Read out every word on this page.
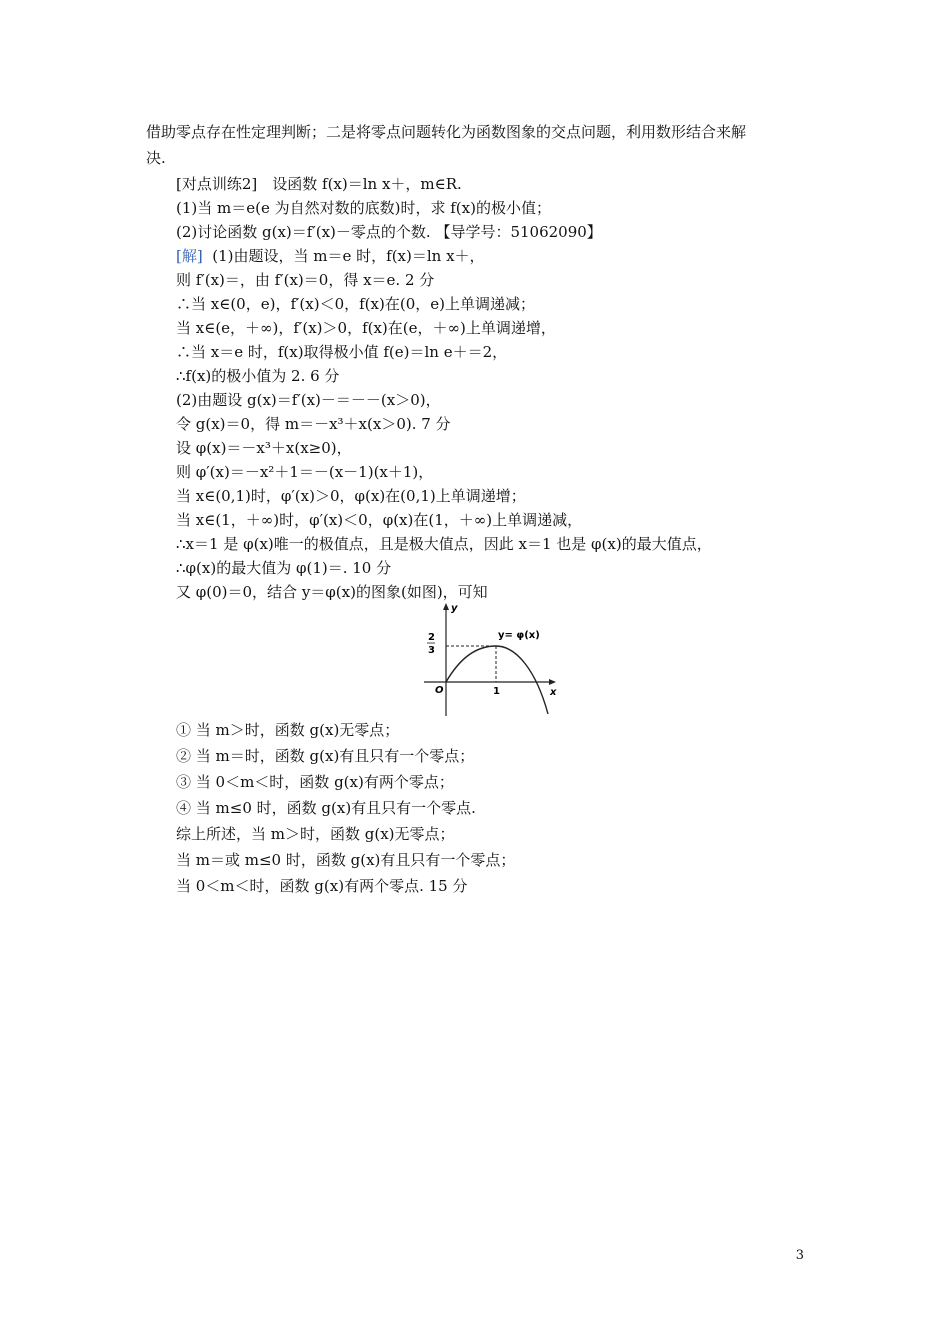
借助零点存在性定理判断；二是将零点问题转化为函数图象的交点问题，利用数形结合来解
决.
[对点训练2]　设函数 f(x)＝ln x＋，m∈R.
(1)当 m＝e(e 为自然对数的底数)时，求 f(x)的极小值；
(2)讨论函数 g(x)＝f′(x)－零点的个数. 【导学号：51062090】
[解] (1)由题设，当 m＝e 时，f(x)＝ln x＋，
则 f′(x)＝，由 f′(x)＝0，得 x＝e. 2 分
∴当 x∈(0，e)，f′(x)＜0，f(x)在(0，e)上单调递减；
当 x∈(e，＋∞)，f′(x)＞0，f(x)在(e，＋∞)上单调递增，
∴当 x＝e 时，f(x)取得极小值 f(e)＝ln e＋＝2，
∴f(x)的极小值为 2. 6 分
(2)由题设 g(x)＝f′(x)－＝－－(x＞0)，
令 g(x)＝0，得 m＝－x³＋x(x＞0). 7 分
设 φ(x)＝－x³＋x(x≥0)，
则 φ′(x)＝－x²＋1＝－(x－1)(x＋1)，
当 x∈(0,1)时，φ′(x)＞0，φ(x)在(0,1)上单调递增；
当 x∈(1，＋∞)时，φ′(x)＜0，φ(x)在(1，＋∞)上单调递减，
∴x＝1 是 φ(x)唯一的极值点，且是极大值点，因此 x＝1 也是 φ(x)的最大值点，
∴φ(x)的最大值为 φ(1)＝. 10 分
又 φ(0)＝0，结合 y＝φ(x)的图象(如图)，可知
y
x
O	1
2
3
y= φ(x)
① 当 m＞时，函数 g(x)无零点；
② 当 m＝时，函数 g(x)有且只有一个零点；
③ 当 0＜m＜时，函数 g(x)有两个零点；
④ 当 m≤0 时，函数 g(x)有且只有一个零点.
综上所述，当 m＞时，函数 g(x)无零点；
当 m＝或 m≤0 时，函数 g(x)有且只有一个零点；
当 0＜m＜时，函数 g(x)有两个零点. 15 分
3
